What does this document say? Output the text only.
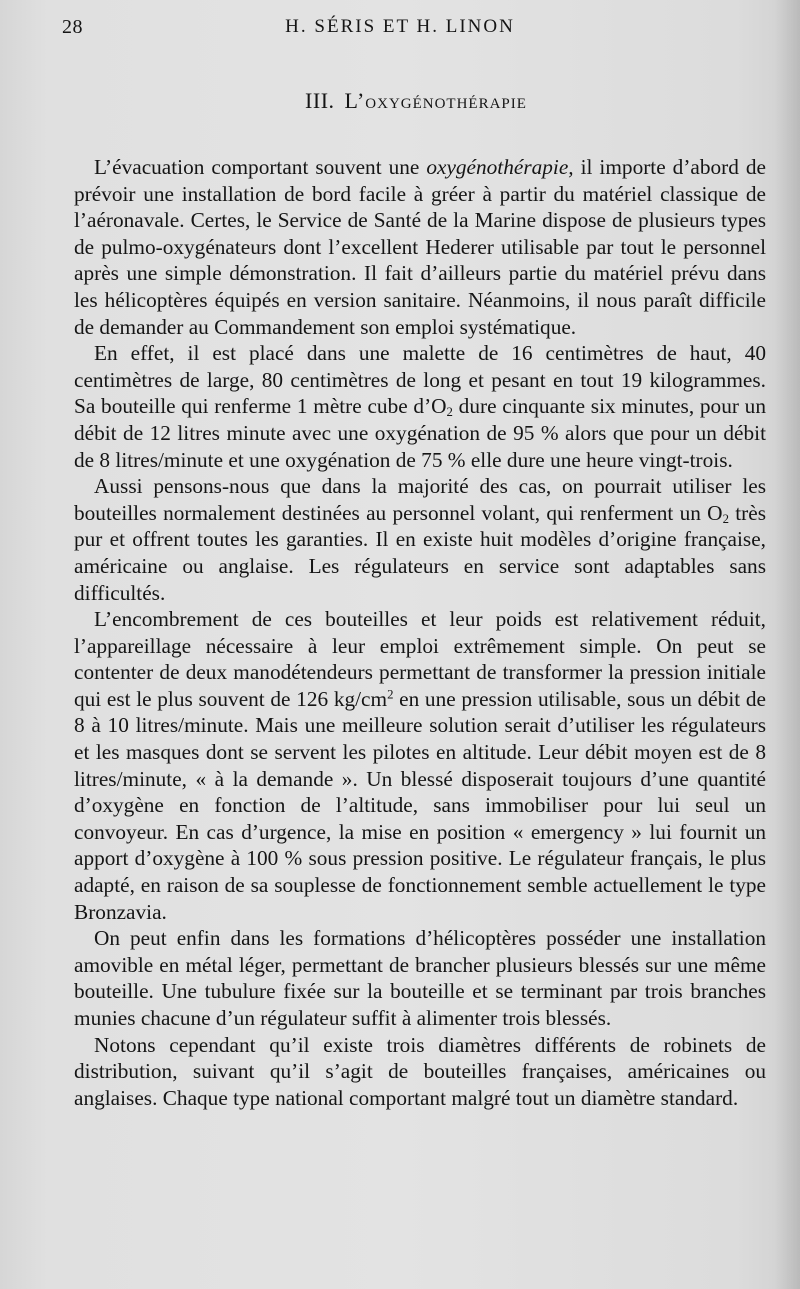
28	H. SÉRIS ET H. LINON
III. L’oxygénothérapie

L’évacuation comportant souvent une oxygénothérapie, il importe d’abord de prévoir une installation de bord facile à gréer à partir du matériel classique de l’aéronavale. Certes, le Service de Santé de la Marine dispose de plusieurs types de pulmo-oxygénateurs dont l’excellent Hederer utilisable par tout le personnel après une simple démonstration. Il fait d’ailleurs partie du matériel prévu dans les hélicoptères équipés en version sanitaire. Néanmoins, il nous paraît difficile de demander au Commandement son emploi systématique.

En effet, il est placé dans une malette de 16 centimètres de haut, 40 centimètres de large, 80 centimètres de long et pesant en tout 19 kilogrammes. Sa bouteille qui renferme 1 mètre cube $d’O_2$ dure cinquante six minutes, pour un débit de 12 litres minute avec une oxygénation de 95 % alors que pour un débit de 8 litres/minute et une oxygénation de 75 % elle dure une heure vingt-trois.

Aussi pensons-nous que dans la majorité des cas, on pourrait utiliser les bouteilles normalement destinées au personnel volant, qui renferment un $O_2$ très pur et offrent toutes les garanties. Il en existe huit modèles d’origine française, américaine ou anglaise. Les régulateurs en service sont adaptables sans difficultés.

L’encombrement de ces bouteilles et leur poids est relativement réduit, l’appareillage nécessaire à leur emploi extrêmement simple. On peut se contenter de deux manodétendeurs permettant de transformer la pression initiale qui est le plus souvent de 126 $kg/cm^2$ en une pression utilisable, sous un débit de 8 à 10 litres/minute. Mais une meilleure solution serait d’utiliser les régulateurs et les masques dont se servent les pilotes en altitude. Leur débit moyen est de 8 litres/minute, « à la demande ». Un blessé disposerait toujours d’une quantité d’oxygène en fonction de l’altitude, sans immobiliser pour lui seul un convoyeur. En cas d’urgence, la mise en position « emergency » lui fournit un apport d’oxygène à 100 % sous pression positive. Le régulateur français, le plus adapté, en raison de sa souplesse de fonctionnement semble actuellement le type Bronzavia.

On peut enfin dans les formations d’hélicoptères posséder une installation amovible en métal léger, permettant de brancher plusieurs blessés sur une même bouteille. Une tubulure fixée sur la bouteille et se terminant par trois branches munies chacune d’un régulateur suffit à alimenter trois blessés.

Notons cependant qu’il existe trois diamètres différents de robinets de distribution, suivant qu’il s’agit de bouteilles françaises, américaines ou anglaises. Chaque type national comportant malgré tout un diamètre standard.
